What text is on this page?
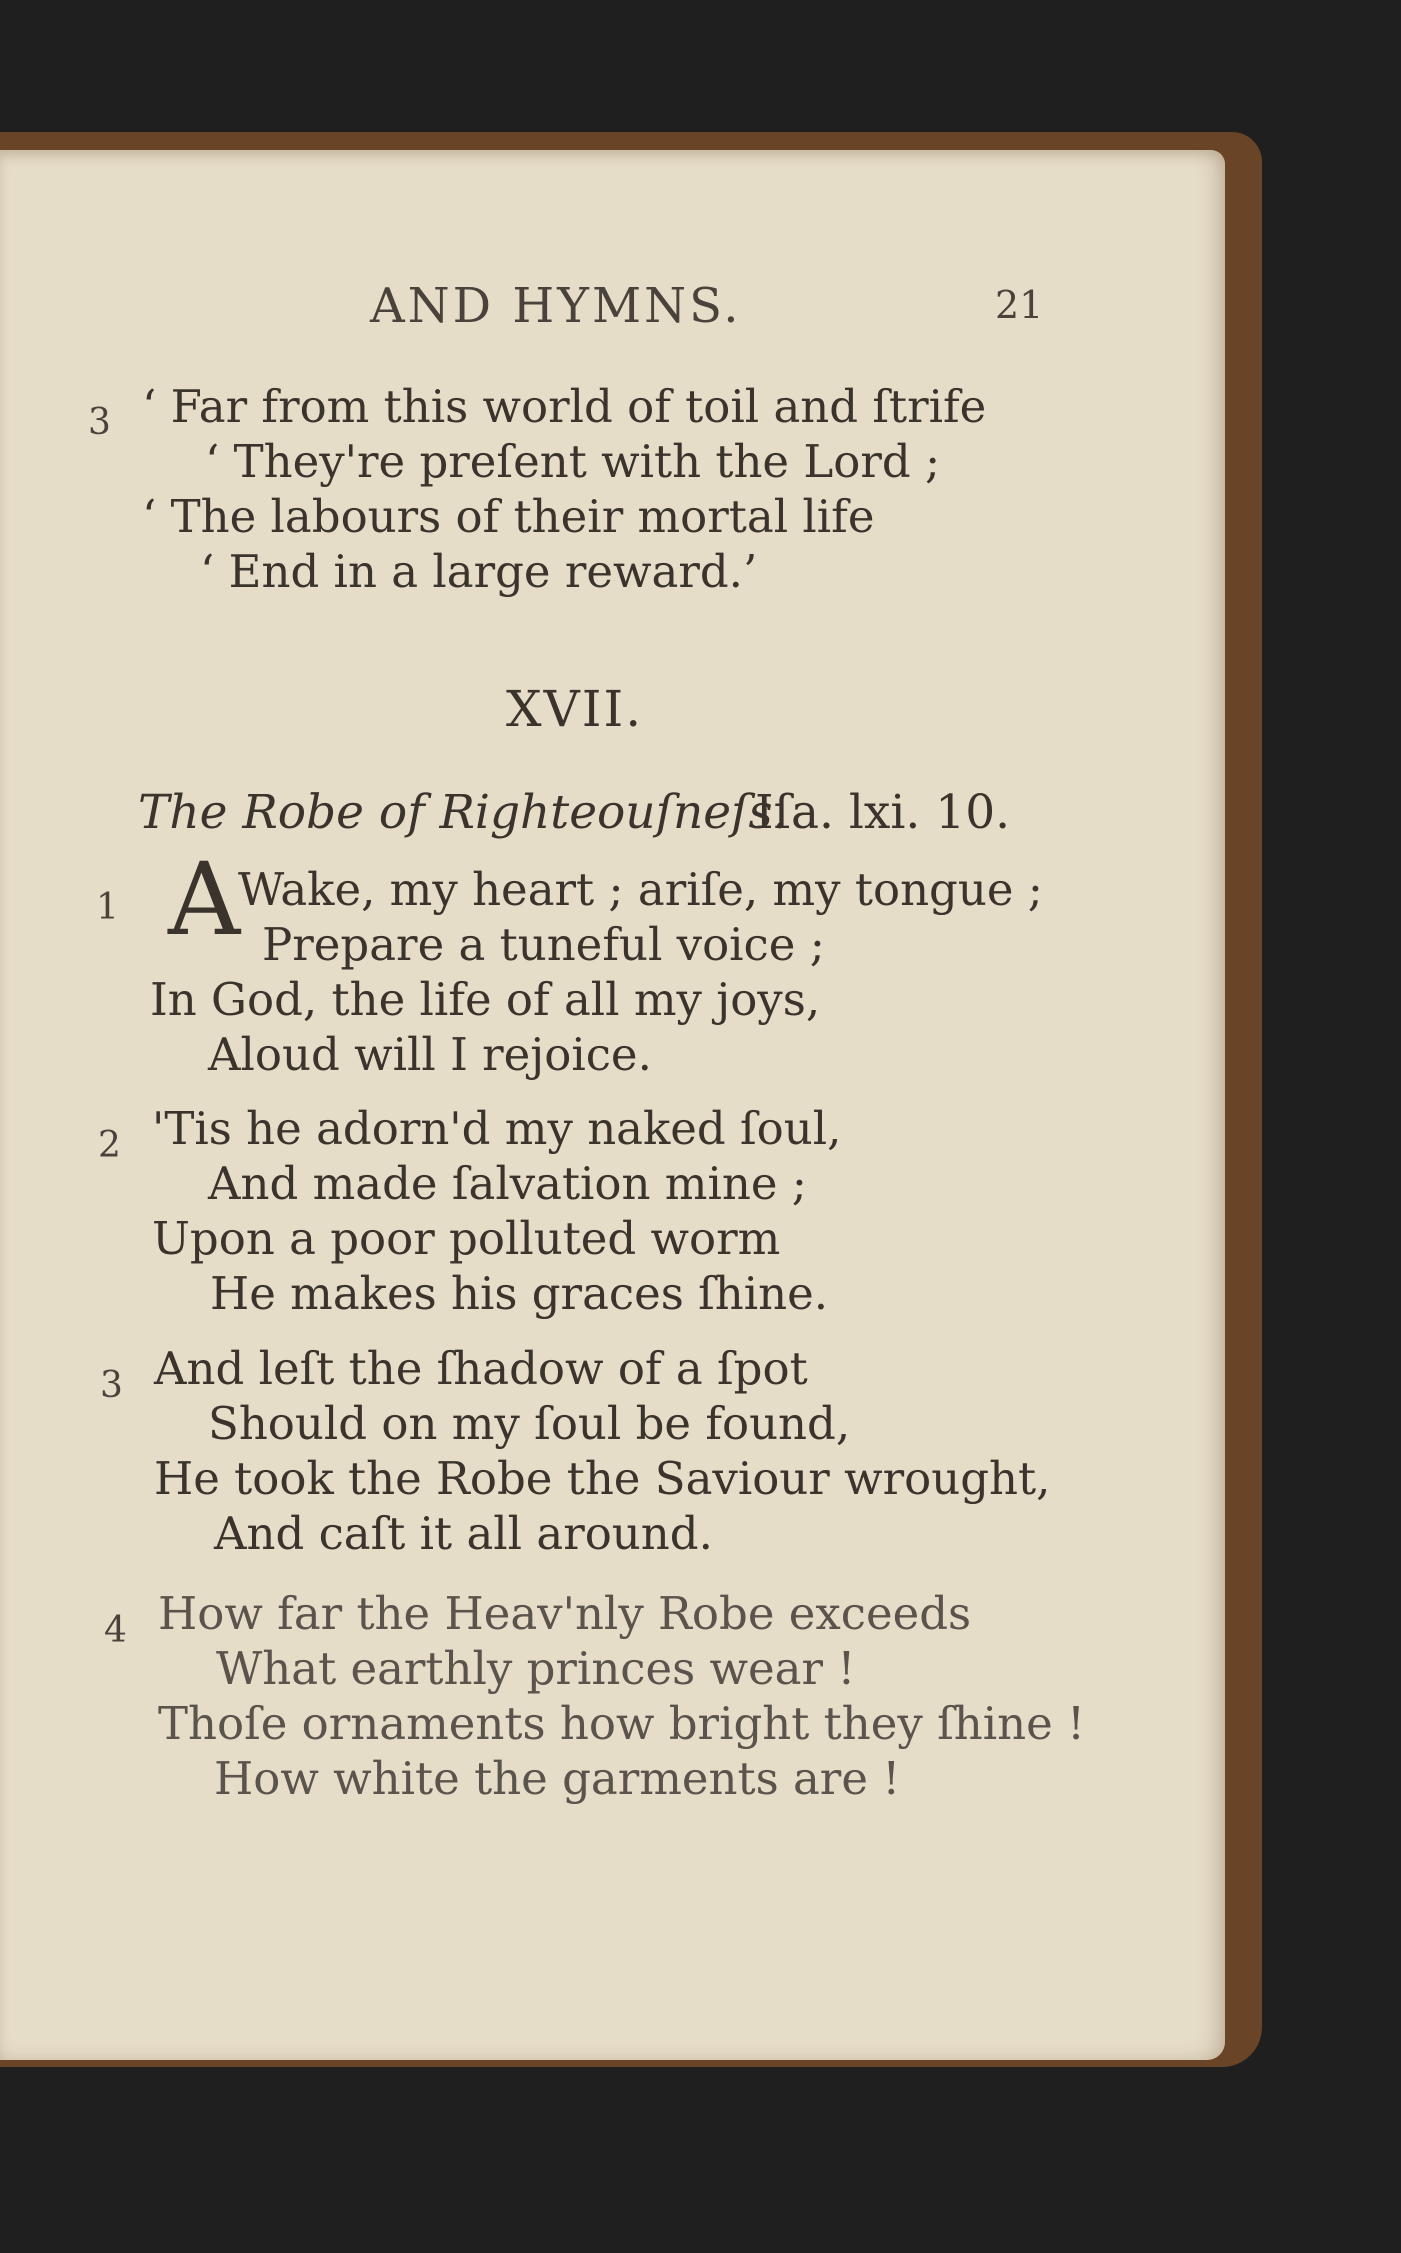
AND HYMNS.	21
3 ‘ Far from this world of toil and ſtrife
‘ They're preſent with the Lord ;
‘ The labours of their mortal life
‘ End in a large reward.’
XVII.
The Robe of Righteouſneſs.
Iſa. lxi. 10.
1 A
Wake, my heart ; ariſe, my tongue ;
Prepare a tuneful voice ;
In God, the life of all my joys,
Aloud will I rejoice.
2 'Tis he adorn'd my naked ſoul,
And made ſalvation mine ;
Upon a poor polluted worm
He makes his graces ſhine.
3 And leſt the ſhadow of a ſpot
Should on my ſoul be found,
He took the Robe the Saviour wrought,
And caſt it all around.
4 How far the Heav'nly Robe exceeds
What earthly princes wear !
Thoſe ornaments how bright they ſhine !
How white the garments are !
